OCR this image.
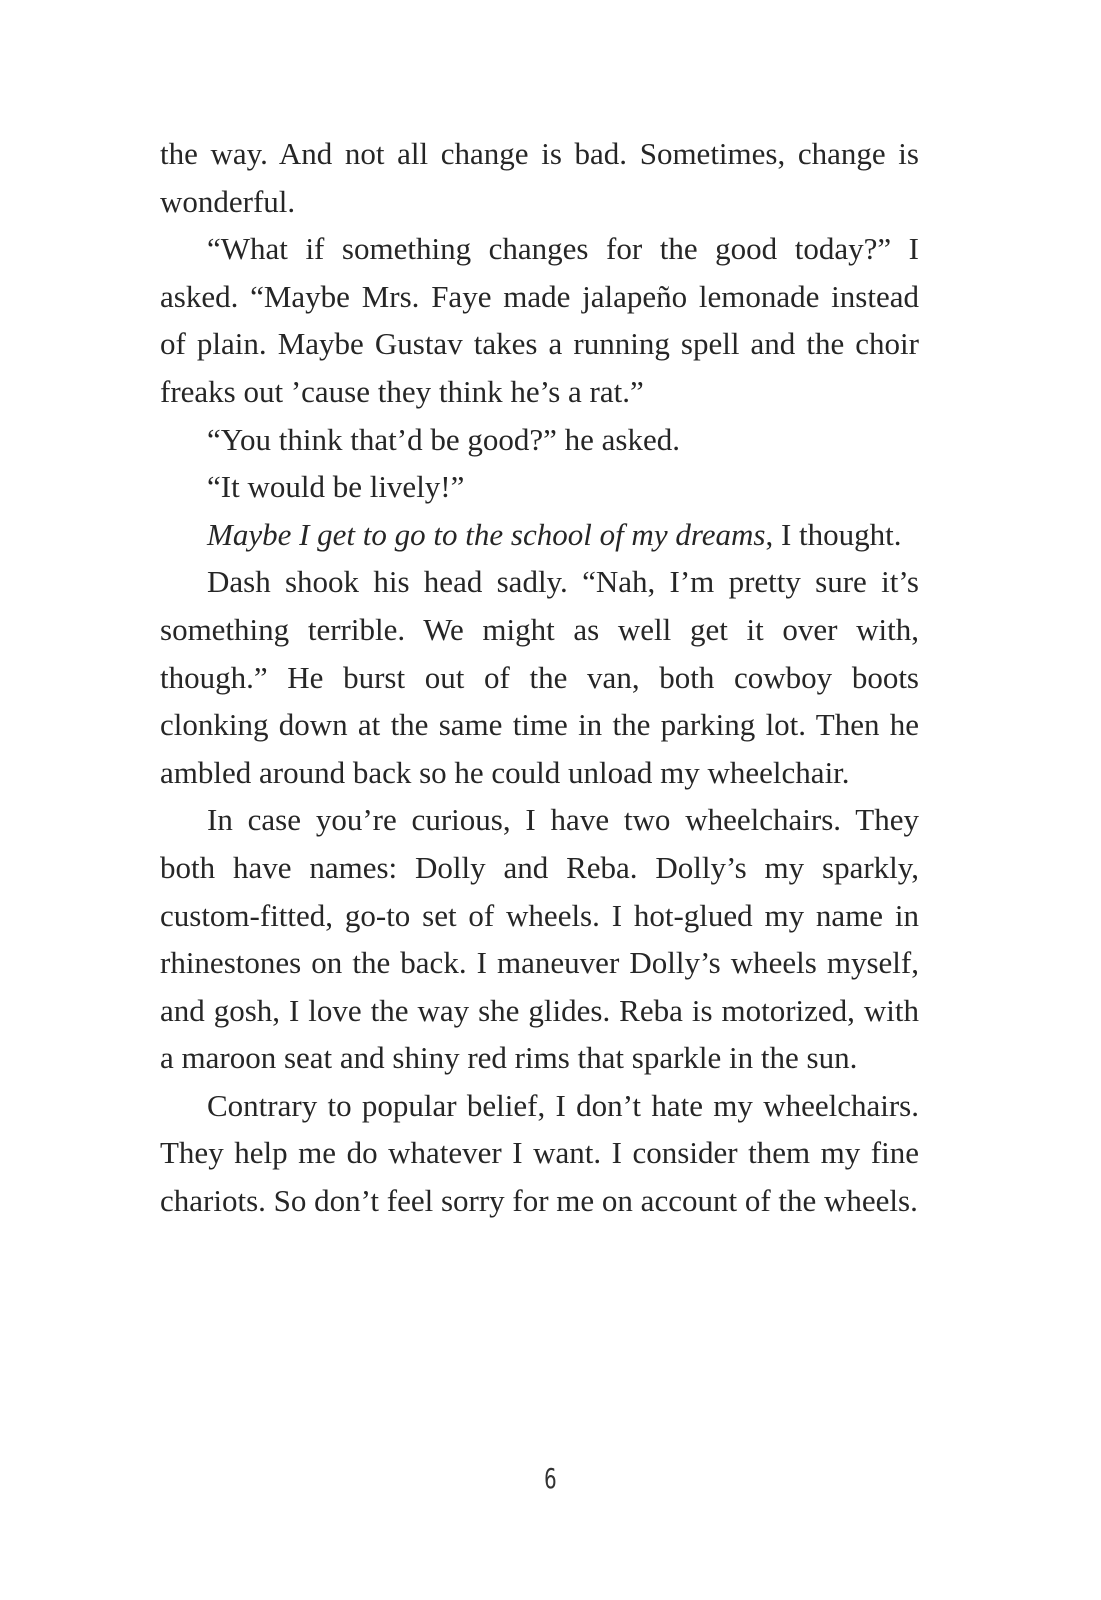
the way. And not all change is bad. Sometimes, change is wonderful.

“What if something changes for the good today?” I asked. “Maybe Mrs. Faye made jalapeño lemonade instead of plain. Maybe Gustav takes a running spell and the choir freaks out ’cause they think he’s a rat.”

“You think that’d be good?” he asked.

“It would be lively!”

Maybe I get to go to the school of my dreams, I thought.

Dash shook his head sadly. “Nah, I’m pretty sure it’s something terrible. We might as well get it over with, though.” He burst out of the van, both cowboy boots clonking down at the same time in the parking lot. Then he ambled around back so he could unload my wheelchair.

In case you’re curious, I have two wheelchairs. They both have names: Dolly and Reba. Dolly’s my sparkly, custom-fitted, go-to set of wheels. I hot-glued my name in rhinestones on the back. I maneuver Dolly’s wheels myself, and gosh, I love the way she glides. Reba is motorized, with a maroon seat and shiny red rims that sparkle in the sun.

Contrary to popular belief, I don’t hate my wheelchairs. They help me do whatever I want. I consider them my fine chariots. So don’t feel sorry for me on account of the wheels.

6
